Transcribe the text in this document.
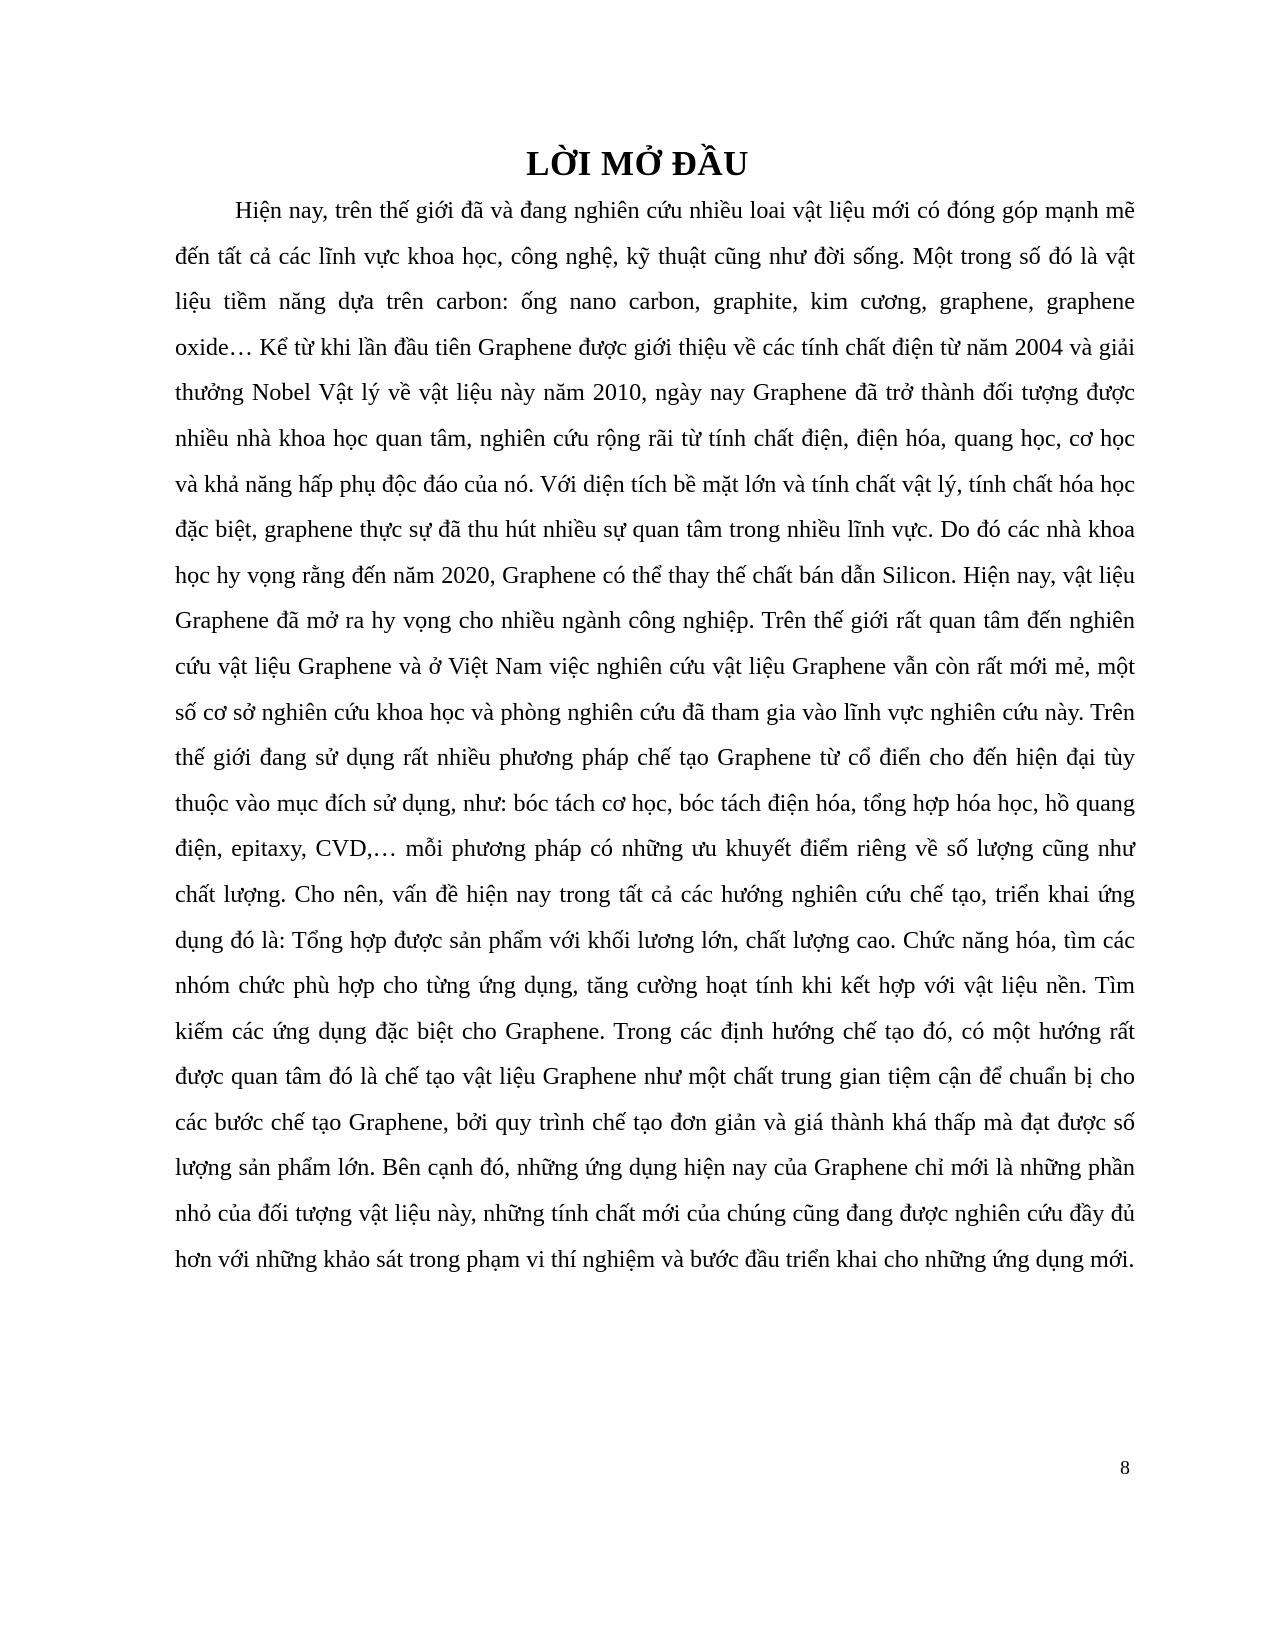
LỜI MỞ ĐẦU

Hiện nay, trên thế giới đã và đang nghiên cứu nhiều loai vật liệu mới có đóng góp mạnh mẽ đến tất cả các lĩnh vực khoa học, công nghệ, kỹ thuật cũng như đời sống. Một trong số đó là vật liệu tiềm năng dựa trên carbon: ống nano carbon, graphite, kim cương, graphene, graphene oxide… Kể từ khi lần đầu tiên Graphene được giới thiệu về các tính chất điện từ năm 2004 và giải thưởng Nobel Vật lý về vật liệu này năm 2010, ngày nay Graphene đã trở thành đối tượng được nhiều nhà khoa học quan tâm, nghiên cứu rộng rãi từ tính chất điện, điện hóa, quang học, cơ học và khả năng hấp phụ độc đáo của nó. Với diện tích bề mặt lớn và tính chất vật lý, tính chất hóa học đặc biệt, graphene thực sự đã thu hút nhiều sự quan tâm trong nhiều lĩnh vực. Do đó các nhà khoa học hy vọng rằng đến năm 2020, Graphene có thể thay thế chất bán dẫn Silicon. Hiện nay, vật liệu Graphene đã mở ra hy vọng cho nhiều ngành công nghiệp. Trên thế giới rất quan tâm đến nghiên cứu vật liệu Graphene và ở Việt Nam việc nghiên cứu vật liệu Graphene vẫn còn rất mới mẻ, một số cơ sở nghiên cứu khoa học và phòng nghiên cứu đã tham gia vào lĩnh vực nghiên cứu này. Trên thế giới đang sử dụng rất nhiều phương pháp chế tạo Graphene từ cổ điển cho đến hiện đại tùy thuộc vào mục đích sử dụng, như: bóc tách cơ học, bóc tách điện hóa, tổng hợp hóa học, hồ quang điện, epitaxy, CVD,… mỗi phương pháp có những ưu khuyết điểm riêng về số lượng cũng như chất lượng. Cho nên, vấn đề hiện nay trong tất cả các hướng nghiên cứu chế tạo, triển khai ứng dụng đó là: Tổng hợp được sản phẩm với khối lương lớn, chất lượng cao. Chức năng hóa, tìm các nhóm chức phù hợp cho từng ứng dụng, tăng cường hoạt tính khi kết hợp với vật liệu nền. Tìm kiếm các ứng dụng đặc biệt cho Graphene. Trong các định hướng chế tạo đó, có một hướng rất được quan tâm đó là chế tạo vật liệu Graphene như một chất trung gian tiệm cận để chuẩn bị cho các bước chế tạo Graphene, bởi quy trình chế tạo đơn giản và giá thành khá thấp mà đạt được số lượng sản phẩm lớn. Bên cạnh đó, những ứng dụng hiện nay của Graphene chỉ mới là những phần nhỏ của đối tượng vật liệu này, những tính chất mới của chúng cũng đang được nghiên cứu đầy đủ hơn với những khảo sát trong phạm vi thí nghiệm và bước đầu triển khai cho những ứng dụng mới.

8
